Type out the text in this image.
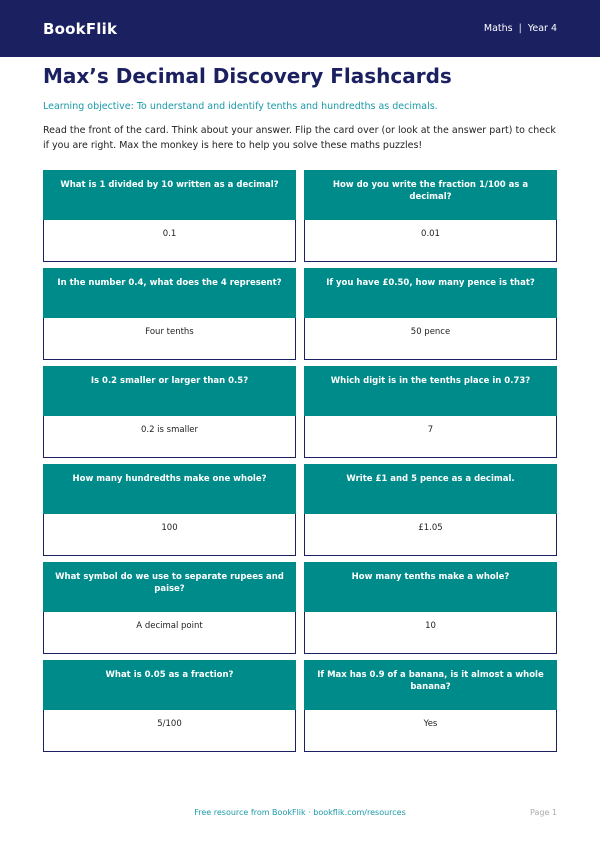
BookFlik	Maths | Year 4
Max’s Decimal Discovery Flashcards
Learning objective: To understand and identify tenths and hundredths as decimals.
Read the front of the card. Think about your answer. Flip the card over (or look at the answer part) to check if you are right. Max the monkey is here to help you solve these maths puzzles!
What is 1 divided by 10 written as a decimal?
0.1
How do you write the fraction 1/100 as a decimal?
0.01
In the number 0.4, what does the 4 represent?
Four tenths
If you have £0.50, how many pence is that?
50 pence
Is 0.2 smaller or larger than 0.5?
0.2 is smaller
Which digit is in the tenths place in 0.73?
7
How many hundredths make one whole?
100
Write £1 and 5 pence as a decimal.
£1.05
What symbol do we use to separate rupees and paise?
A decimal point
How many tenths make a whole?
10
What is 0.05 as a fraction?
5/100
If Max has 0.9 of a banana, is it almost a whole banana?
Yes
Free resource from BookFlik · bookflik.com/resources	Page 1
